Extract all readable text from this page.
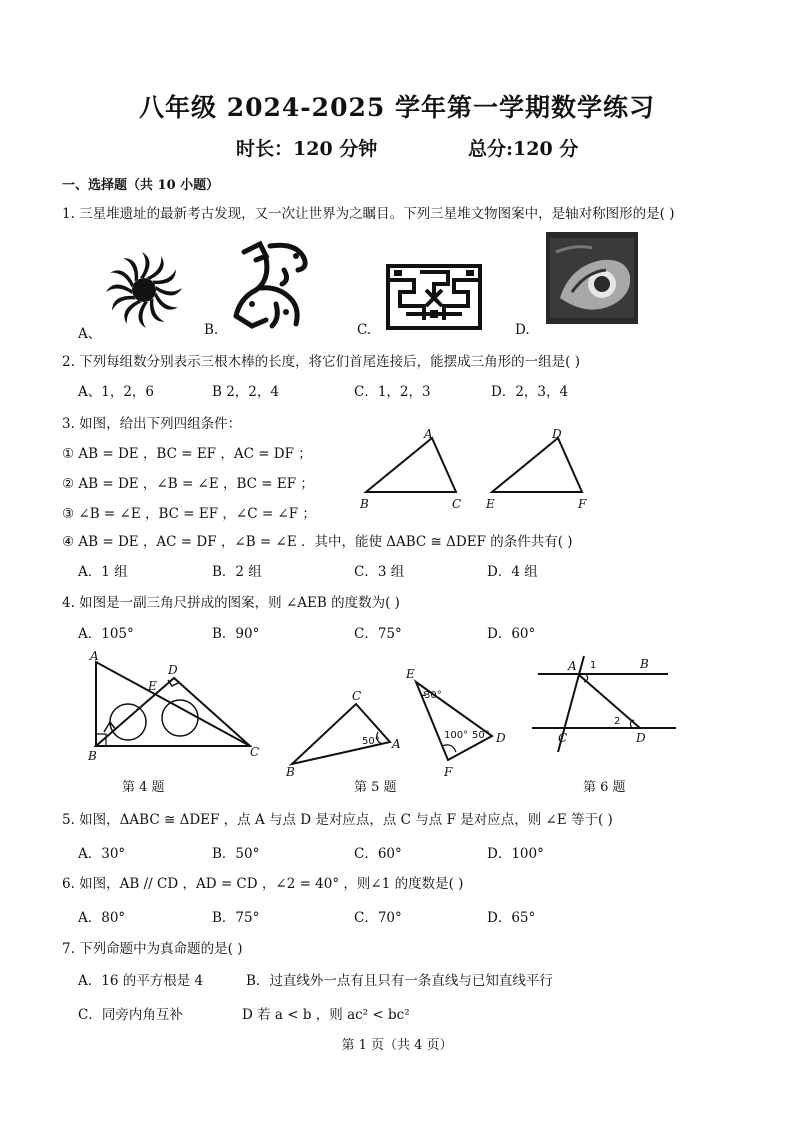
八年级 2024-2025 学年第一学期数学练习
时长：120 分钟	总分:120 分
一、选择题（共 10 小题）
1. 三星堆遗址的最新考古发现，又一次让世界为之瞩目。下列三星堆文物图案中，是轴对称图形的是( )
A、	B.	C.	D.
2. 下列每组数分别表示三根木棒的长度，将它们首尾连接后，能摆成三角形的一组是( )
A、1，2，6	B 2，2，4	C．1，2，3	D．2，3，4
3. 如图，给出下列四组条件：
① AB = DE ，BC = EF ，AC = DF ；
② AB = DE ，∠B = ∠E ，BC = EF ；
③ ∠B = ∠E ，BC = EF ，∠C = ∠F ；
④ AB = DE ，AC = DF ，∠B = ∠E ．其中，能使 ΔABC ≅ ΔDEF 的条件共有( )
A
B	C
D
E	F
A．1 组	B．2 组	C．3 组	D．4 组
4. 如图是一副三角尺拼成的图案，则 ∠AEB 的度数为( )
A．105°	B．90°	C．75°	D．60°
A
D
E
B	C
C
B
A
50°
E
F
D
30°
100° 50°
A 1	B
2
C	D
第 4 题	第 5 题	第 6 题
5. 如图，ΔABC ≅ ΔDEF ，点 A 与点 D 是对应点，点 C 与点 F 是对应点，则 ∠E 等于( )
A．30°	B．50°	C．60°	D．100°
6. 如图，AB // CD ，AD = CD ，∠2 = 40° ，则∠1 的度数是( )
A．80°	B．75°	C．70°	D．65°
7. 下列命题中为真命题的是( )
A．16 的平方根是 4	B．过直线外一点有且只有一条直线与已知直线平行
C．同旁内角互补	D 若 a < b ，则 ac² < bc²
第 1 页（共 4 页）
